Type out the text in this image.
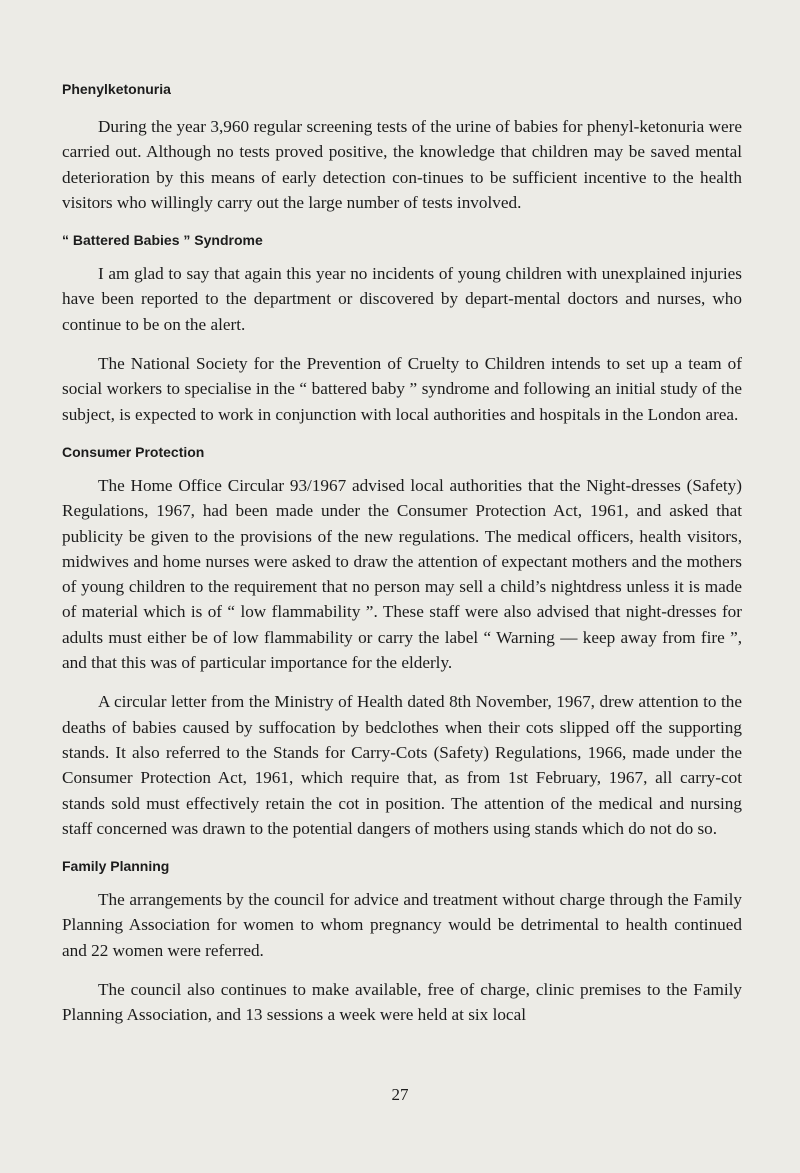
Phenylketonuria

During the year 3,960 regular screening tests of the urine of babies for phenyl-ketonuria were carried out. Although no tests proved positive, the knowledge that children may be saved mental deterioration by this means of early detection con-tinues to be sufficient incentive to the health visitors who willingly carry out the large number of tests involved.

“ Battered Babies ” Syndrome

I am glad to say that again this year no incidents of young children with unexplained injuries have been reported to the department or discovered by depart-mental doctors and nurses, who continue to be on the alert.

The National Society for the Prevention of Cruelty to Children intends to set up a team of social workers to specialise in the “ battered baby ” syndrome and following an initial study of the subject, is expected to work in conjunction with local authorities and hospitals in the London area.

Consumer Protection

The Home Office Circular 93/1967 advised local authorities that the Night-dresses (Safety) Regulations, 1967, had been made under the Consumer Protection Act, 1961, and asked that publicity be given to the provisions of the new regulations. The medical officers, health visitors, midwives and home nurses were asked to draw the attention of expectant mothers and the mothers of young children to the requirement that no person may sell a child’s nightdress unless it is made of material which is of “ low flammability ”. These staff were also advised that night-dresses for adults must either be of low flammability or carry the label “ Warning — keep away from fire ”, and that this was of particular importance for the elderly.

A circular letter from the Ministry of Health dated 8th November, 1967, drew attention to the deaths of babies caused by suffocation by bedclothes when their cots slipped off the supporting stands. It also referred to the Stands for Carry-Cots (Safety) Regulations, 1966, made under the Consumer Protection Act, 1961, which require that, as from 1st February, 1967, all carry-cot stands sold must effectively retain the cot in position. The attention of the medical and nursing staff concerned was drawn to the potential dangers of mothers using stands which do not do so.

Family Planning

The arrangements by the council for advice and treatment without charge through the Family Planning Association for women to whom pregnancy would be detrimental to health continued and 22 women were referred.

The council also continues to make available, free of charge, clinic premises to the Family Planning Association, and 13 sessions a week were held at six local

27
